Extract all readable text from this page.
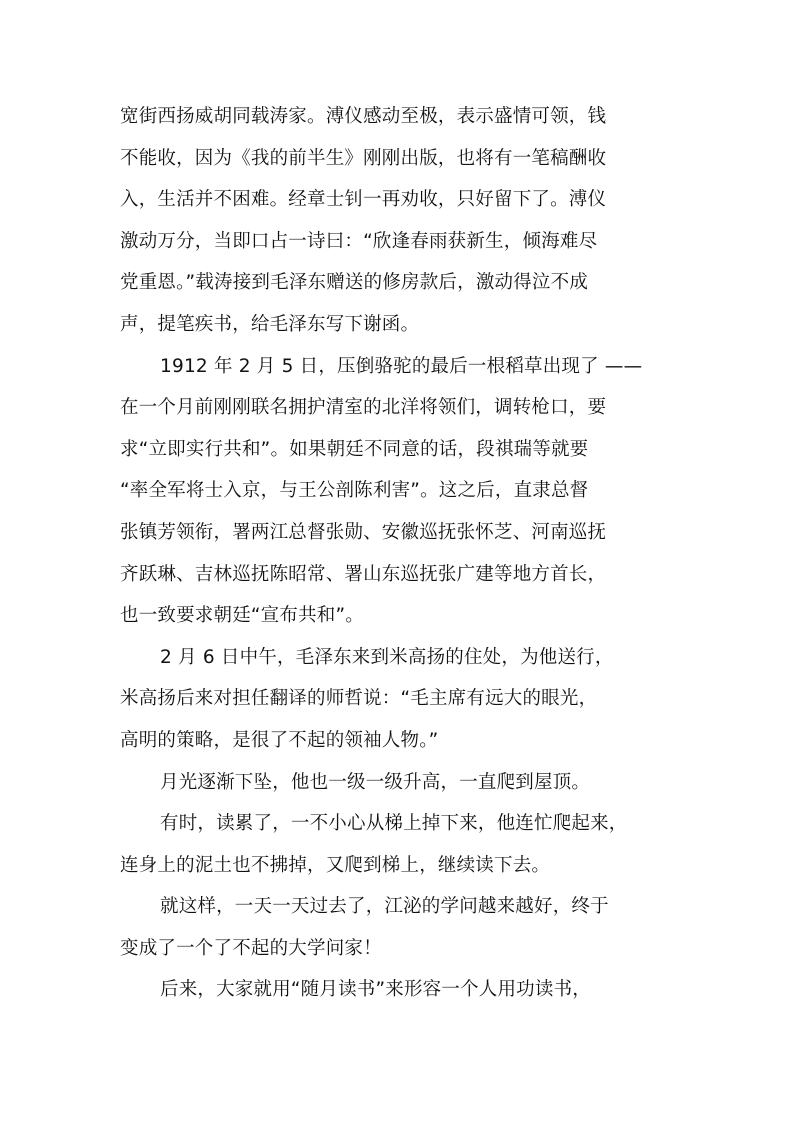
宽街西扬威胡同载涛家。溥仪感动至极，表示盛情可领，钱
不能收，因为《我的前半生》刚刚出版，也将有一笔稿酬收
入，生活并不困难。经章士钊一再劝收，只好留下了。溥仪
激动万分，当即口占一诗曰：“欣逢春雨获新生，倾海难尽
党重恩。”载涛接到毛泽东赠送的修房款后，激动得泣不成
声，提笔疾书，给毛泽东写下谢函。
1912 年 2 月 5 日，压倒骆驼的最后一根稻草出现了 ——
在一个月前刚刚联名拥护清室的北洋将领们，调转枪口，要
求“立即实行共和”。如果朝廷不同意的话，段祺瑞等就要
“率全军将士入京，与王公剖陈利害”。这之后，直隶总督
张镇芳领衔，署两江总督张勋、安徽巡抚张怀芝、河南巡抚
齐跃琳、吉林巡抚陈昭常、署山东巡抚张广建等地方首长，
也一致要求朝廷“宣布共和”。
2 月 6 日中午，毛泽东来到米高扬的住处，为他送行，
米高扬后来对担任翻译的师哲说：“毛主席有远大的眼光，
高明的策略，是很了不起的领袖人物。”
月光逐渐下坠，他也一级一级升高，一直爬到屋顶。
有时，读累了，一不小心从梯上掉下来，他连忙爬起来，
连身上的泥土也不拂掉，又爬到梯上，继续读下去。
就这样，一天一天过去了，江泌的学问越来越好，终于
变成了一个了不起的大学问家！
后来，大家就用“随月读书”来形容一个人用功读书，
